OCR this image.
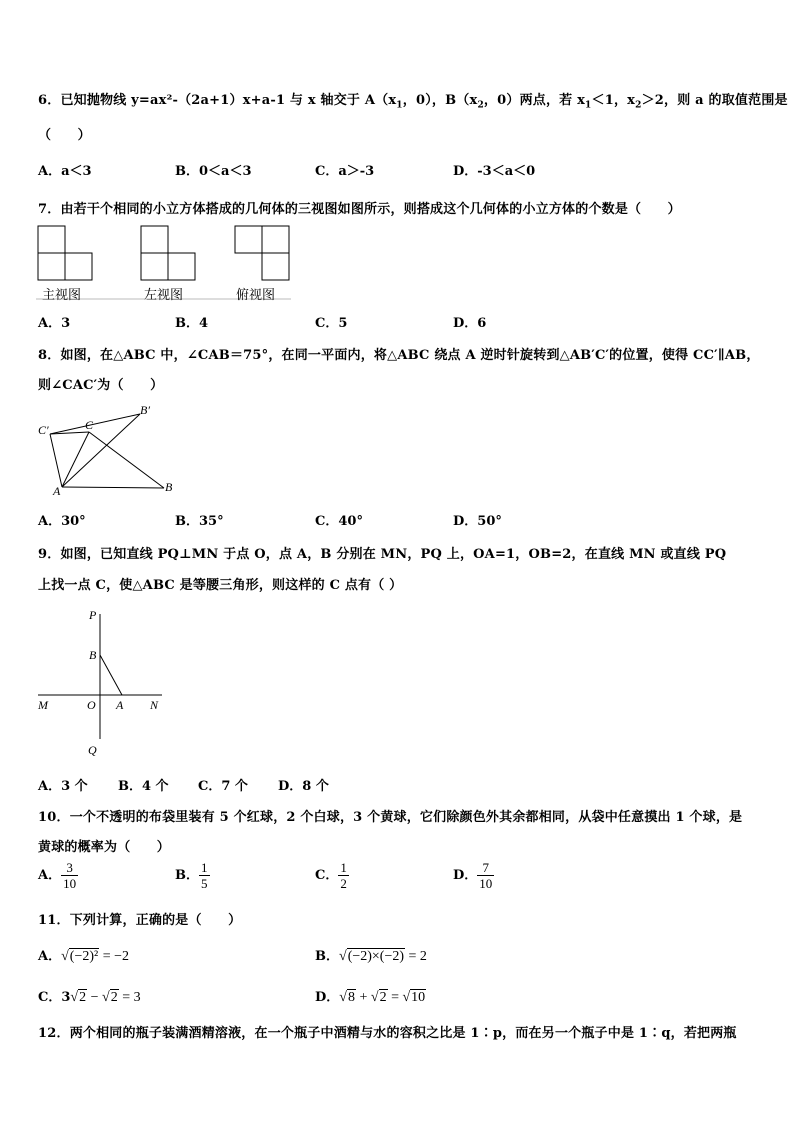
6．已知抛物线 y=ax²-（2a+1）x+a-1 与 x 轴交于 $A(x_1$，0），$B(x_2$，0）两点，若 $x_1<1$，$x_2>2$，则 a 的取值范围是
（　　）
A．a＜3	B．0＜a＜3	C．a＞-3	D．-3＜a＜0
7．由若干个相同的小立方体搭成的几何体的三视图如图所示，则搭成这个几何体的小立方体的个数是（　　）
主视图	左视图	俯视图
A．3	B．4	C．5	D．6
8．如图，在△ABC 中，∠CAB＝75°，在同一平面内，将△ABC 绕点 A 逆时针旋转到△AB′C′的位置，使得 CC′∥AB，
则∠CAC′为（　　）
C′	C
B′
A	B
A．30°	B．35°	C．40°	D．50°
9．如图，已知直线 PQ⊥MN 于点 O，点 A，B 分别在 MN，PQ 上，OA=1，OB=2，在直线 MN 或直线 PQ
上找一点 C，使△ABC 是等腰三角形，则这样的 C 点有（ ）
P
B
M	O A N
Q
A．3 个 B．4 个 C．7 个 D．8 个
10．一个不透明的布袋里装有 5 个红球，2 个白球，3 个黄球，它们除颜色外其余都相同，从袋中任意摸出 1 个球，是
黄球的概率为（　　）
A． $\frac{3}{10}$	B． $\frac{1}{5}$	C． $\frac{1}{2}$	D． $\frac{7}{10}$
11．下列计算，正确的是（　　）
A．√(−2)² = −2	B．√(−2)×(−2) = 2
C．3√2 − √2 = 3	D．√8 + √2 = √10
12．两个相同的瓶子装满酒精溶液，在一个瓶子中酒精与水的容积之比是 1∶p，而在另一个瓶子中是 1∶q，若把两瓶
